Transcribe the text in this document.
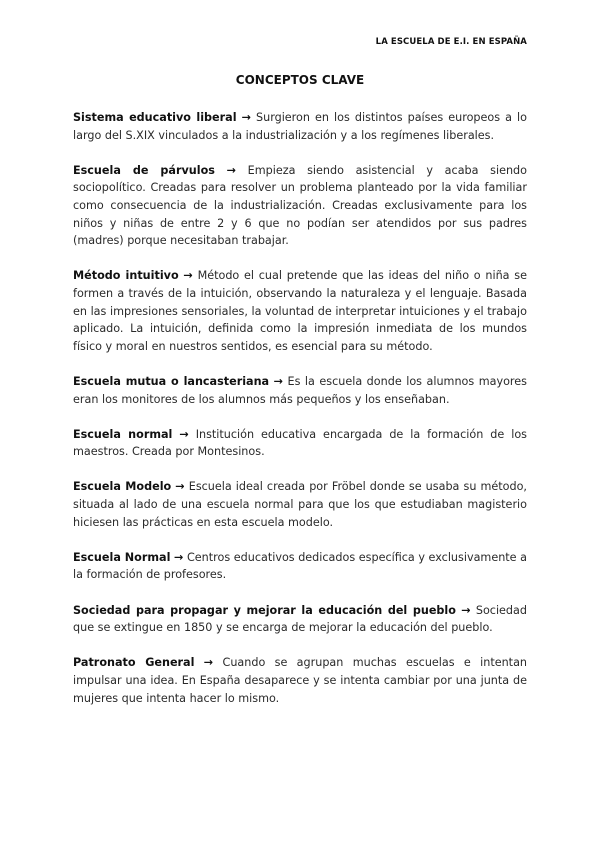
LA ESCUELA DE E.I. EN ESPAÑA
CONCEPTOS CLAVE

Sistema educativo liberal → Surgieron en los distintos países europeos a lo largo del S.XIX vinculados a la industrialización y a los regímenes liberales.

Escuela de párvulos → Empieza siendo asistencial y acaba siendo sociopolítico. Creadas para resolver un problema planteado por la vida familiar como consecuencia de la industrialización. Creadas exclusivamente para los niños y niñas de entre 2 y 6 que no podían ser atendidos por sus padres (madres) porque necesitaban trabajar.

Método intuitivo → Método el cual pretende que las ideas del niño o niña se formen a través de la intuición, observando la naturaleza y el lenguaje. Basada en las impresiones sensoriales, la voluntad de interpretar intuiciones y el trabajo aplicado. La intuición, definida como la impresión inmediata de los mundos físico y moral en nuestros sentidos, es esencial para su método.

Escuela mutua o lancasteriana → Es la escuela donde los alumnos mayores eran los monitores de los alumnos más pequeños y los enseñaban.

Escuela normal → Institución educativa encargada de la formación de los maestros. Creada por Montesinos.

Escuela Modelo → Escuela ideal creada por Fröbel donde se usaba su método, situada al lado de una escuela normal para que los que estudiaban magisterio hiciesen las prácticas en esta escuela modelo.

Escuela Normal → Centros educativos dedicados específica y exclusivamente a la formación de profesores.

Sociedad para propagar y mejorar la educación del pueblo → Sociedad que se extingue en 1850 y se encarga de mejorar la educación del pueblo.

Patronato General → Cuando se agrupan muchas escuelas e intentan impulsar una idea. En España desaparece y se intenta cambiar por una junta de mujeres que intenta hacer lo mismo.
